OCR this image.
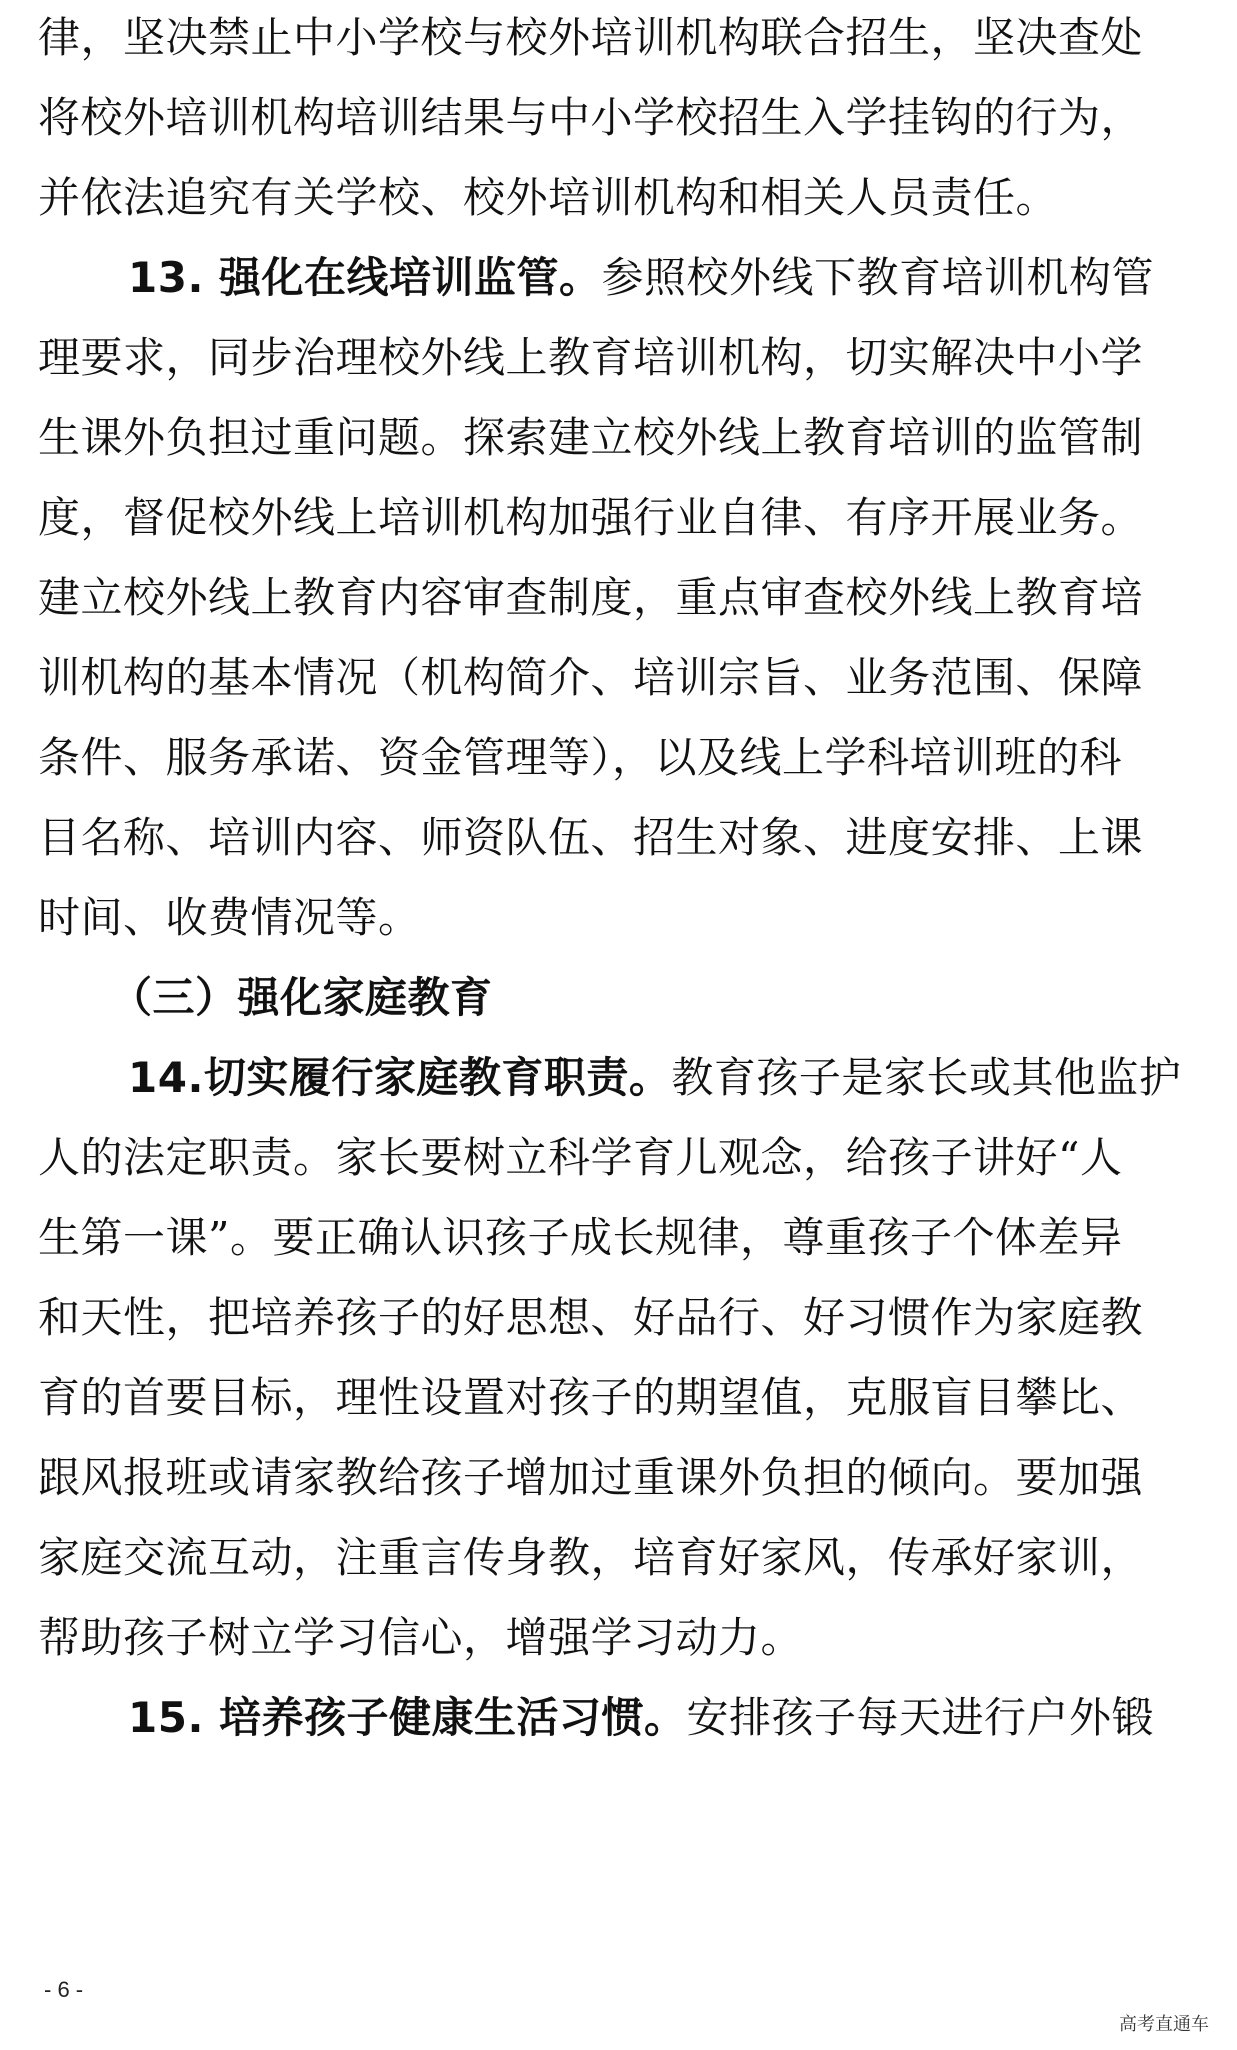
律，坚决禁止中小学校与校外培训机构联合招生，坚决查处
将校外培训机构培训结果与中小学校招生入学挂钩的行为，
并依法追究有关学校、校外培训机构和相关人员责任。
13. 强化在线培训监管。参照校外线下教育培训机构管
理要求，同步治理校外线上教育培训机构，切实解决中小学
生课外负担过重问题。探索建立校外线上教育培训的监管制
度，督促校外线上培训机构加强行业自律、有序开展业务。
建立校外线上教育内容审查制度，重点审查校外线上教育培
训机构的基本情况（机构简介、培训宗旨、业务范围、保障
条件、服务承诺、资金管理等），以及线上学科培训班的科
目名称、培训内容、师资队伍、招生对象、进度安排、上课
时间、收费情况等。
（三）强化家庭教育
14.切实履行家庭教育职责。教育孩子是家长或其他监护
人的法定职责。家长要树立科学育儿观念，给孩子讲好“人
生第一课”。要正确认识孩子成长规律，尊重孩子个体差异
和天性，把培养孩子的好思想、好品行、好习惯作为家庭教
育的首要目标，理性设置对孩子的期望值，克服盲目攀比、
跟风报班或请家教给孩子增加过重课外负担的倾向。要加强
家庭交流互动，注重言传身教，培育好家风，传承好家训，
帮助孩子树立学习信心，增强学习动力。
15. 培养孩子健康生活习惯。安排孩子每天进行户外锻
- 6 -
高考直通车
